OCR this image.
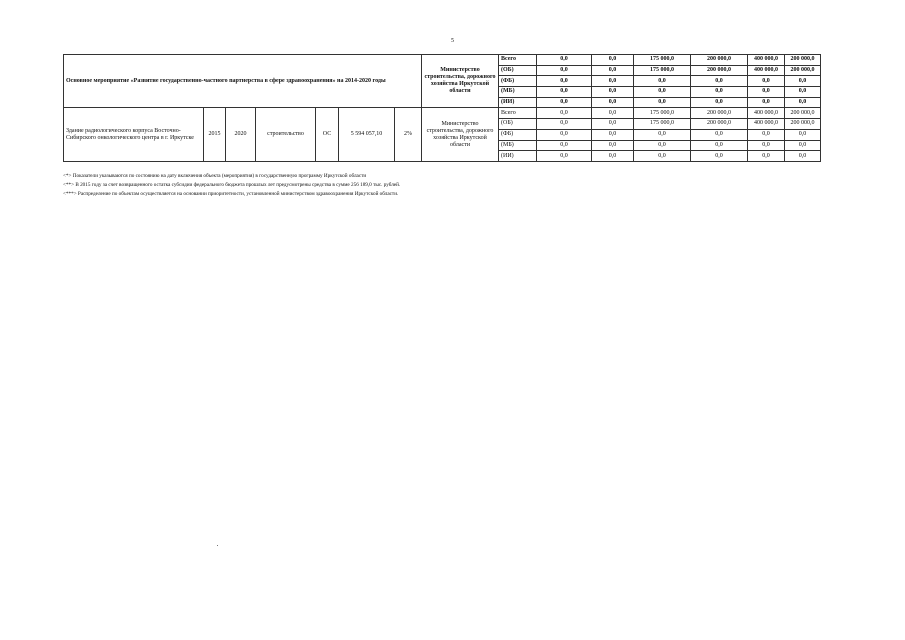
5
Основное мероприятие «Развитие государственно-частного партнерства в сфере здравоохранения» на 2014-2020 годы							Министерство строительства, дорожного хозяйства Иркутской области	Всего	0,0	0,0	175 000,0	200 000,0	400 000,0	200 000,0
								(ОБ)	0,0	0,0	175 000,0	200 000,0	400 000,0	200 000,0
								(ФБ)	0,0	0,0	0,0	0,0	0,0	0,0
								(МБ)	0,0	0,0	0,0	0,0	0,0	0,0
								(ИИ)	0,0	0,0	0,0	0,0	0,0	0,0
Здание радиологического корпуса Восточно-Сибирского онкологического центра в г. Иркутске	2015	2020	строительство	ОС	5 594 057,10	2%	Министерство строительства, дорожного хозяйства Иркутской области	Всего	0,0	0,0	175 000,0	200 000,0	400 000,0	200 000,0
								(ОБ)	0,0	0,0	175 000,0	200 000,0	400 000,0	200 000,0
								(ФБ)	0,0	0,0	0,0	0,0	0,0	0,0
								(МБ)	0,0	0,0	0,0	0,0	0,0	0,0
								(ИИ)	0,0	0,0	0,0	0,0	0,0	0,0
<*> Показатели указываются по состоянию на дату включения объекта (мероприятия) в государственную программу Иркутской области
<**> В 2015 году за счет возвращенного остатка субсидии федерального бюджета прошлых лет предусмотрены средства в сумме 256 189,0 тыс. рублей.
<***> Распределение по объектам осуществляется на основании приоритетности, установленной министерством здравоохранения Иркутской области.
